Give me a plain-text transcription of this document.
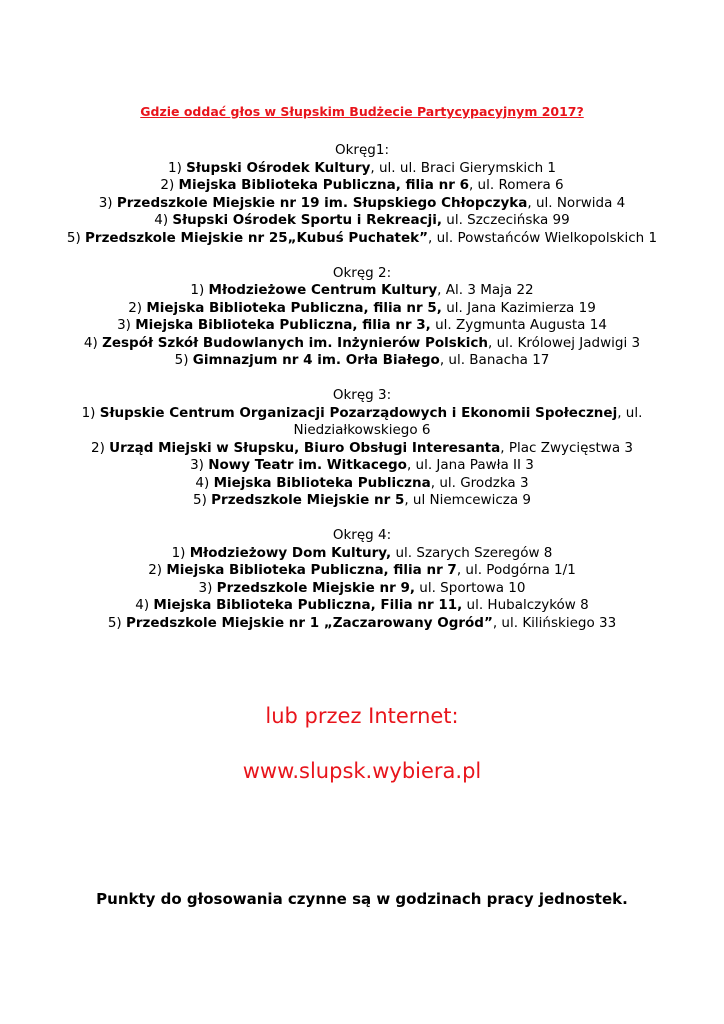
Gdzie oddać głos w Słupskim Budżecie Partycypacyjnym 2017?
Okręg1:
1) Słupski Ośrodek Kultury, ul. ul. Braci Gierymskich 1
2) Miejska Biblioteka Publiczna, filia nr 6, ul. Romera 6
3) Przedszkole Miejskie nr 19 im. Słupskiego Chłopczyka, ul. Norwida 4
4) Słupski Ośrodek Sportu i Rekreacji, ul. Szczecińska 99
5) Przedszkole Miejskie nr 25„Kubuś Puchatek”, ul. Powstańców Wielkopolskich 1
Okręg 2:
1) Młodzieżowe Centrum Kultury, Al. 3 Maja 22
2) Miejska Biblioteka Publiczna, filia nr 5, ul. Jana Kazimierza 19
3) Miejska Biblioteka Publiczna, filia nr 3, ul. Zygmunta Augusta 14
4) Zespół Szkół Budowlanych im. Inżynierów Polskich, ul. Królowej Jadwigi 3
5) Gimnazjum nr 4 im. Orła Białego, ul. Banacha 17
Okręg 3:
1) Słupskie Centrum Organizacji Pozarządowych i Ekonomii Społecznej, ul. Niedziałkowskiego 6
2) Urząd Miejski w Słupsku, Biuro Obsługi Interesanta, Plac Zwycięstwa 3
3) Nowy Teatr im. Witkacego, ul. Jana Pawła II 3
4) Miejska Biblioteka Publiczna, ul. Grodzka 3
5) Przedszkole Miejskie nr 5, ul Niemcewicza 9
Okręg 4:
1) Młodzieżowy Dom Kultury, ul. Szarych Szeregów 8
2) Miejska Biblioteka Publiczna, filia nr 7, ul. Podgórna 1/1
3) Przedszkole Miejskie nr 9, ul. Sportowa 10
4) Miejska Biblioteka Publiczna, Filia nr 11, ul. Hubalczyków 8
5) Przedszkole Miejskie nr 1 „Zaczarowany Ogród”, ul. Kilińskiego 33
lub przez Internet:
www.slupsk.wybiera.pl
Punkty do głosowania czynne są w godzinach pracy jednostek.
